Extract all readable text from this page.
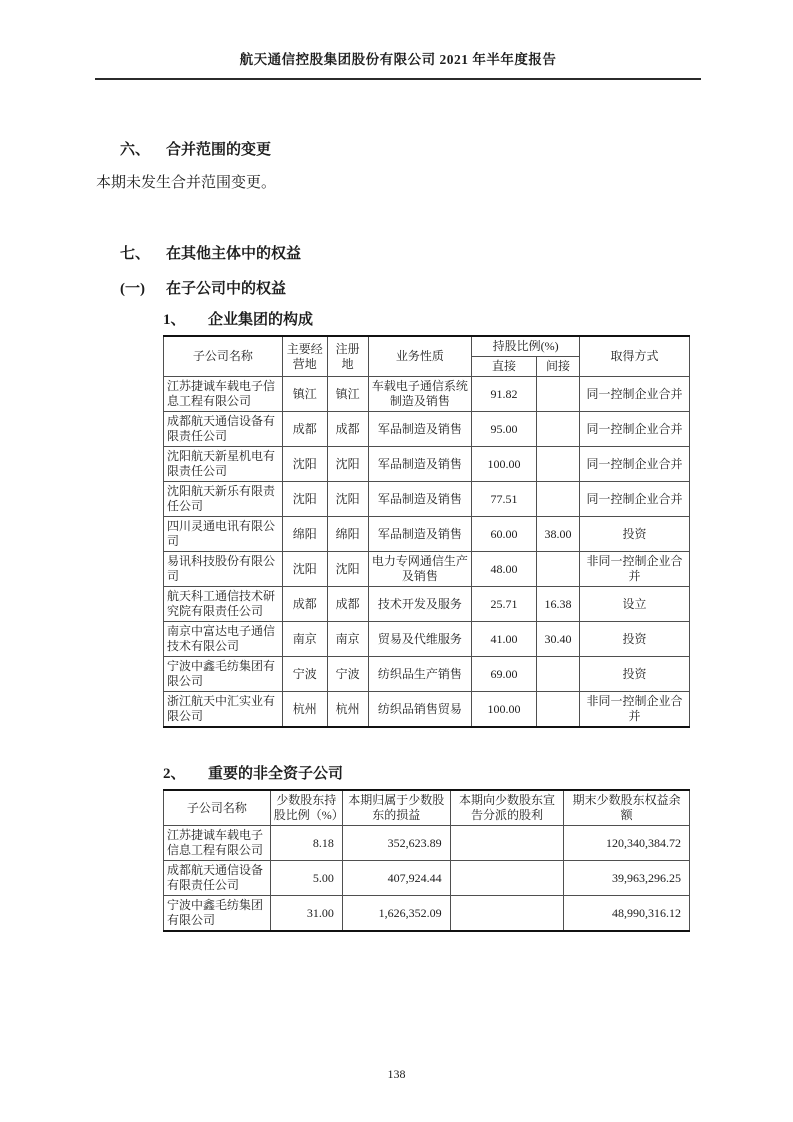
航天通信控股集团股份有限公司 2021 年半年度报告
六、	合并范围的变更

本期未发生合并范围变更。

七、	在其他主体中的权益
(一)	在子公司中的权益
1、	企业集团的构成
子公司名称	主要经营地	注册地	业务性质	持股比例(%)		取得方式
				直接	间接	
江苏捷诚车载电子信息工程有限公司	镇江	镇江	车载电子通信系统制造及销售	91.82		同一控制企业合并
成都航天通信设备有限责任公司	成都	成都	军品制造及销售	95.00		同一控制企业合并
沈阳航天新星机电有限责任公司	沈阳	沈阳	军品制造及销售	100.00		同一控制企业合并
沈阳航天新乐有限责任公司	沈阳	沈阳	军品制造及销售	77.51		同一控制企业合并
四川灵通电讯有限公司	绵阳	绵阳	军品制造及销售	60.00	38.00	投资
易讯科技股份有限公司	沈阳	沈阳	电力专网通信生产及销售	48.00		非同一控制企业合并
航天科工通信技术研究院有限责任公司	成都	成都	技术开发及服务	25.71	16.38	设立
南京中富达电子通信技术有限公司	南京	南京	贸易及代维服务	41.00	30.40	投资
宁波中鑫毛纺集团有限公司	宁波	宁波	纺织品生产销售	69.00		投资
浙江航天中汇实业有限公司	杭州	杭州	纺织品销售贸易	100.00		非同一控制企业合并
2、	重要的非全资子公司
子公司名称	少数股东持股比例（%）	本期归属于少数股东的损益	本期向少数股东宣告分派的股利	期末少数股东权益余额
江苏捷诚车载电子信息工程有限公司	8.18	352,623.89		120,340,384.72
成都航天通信设备有限责任公司	5.00	407,924.44		39,963,296.25
宁波中鑫毛纺集团有限公司	31.00	1,626,352.09		48,990,316.12
138
